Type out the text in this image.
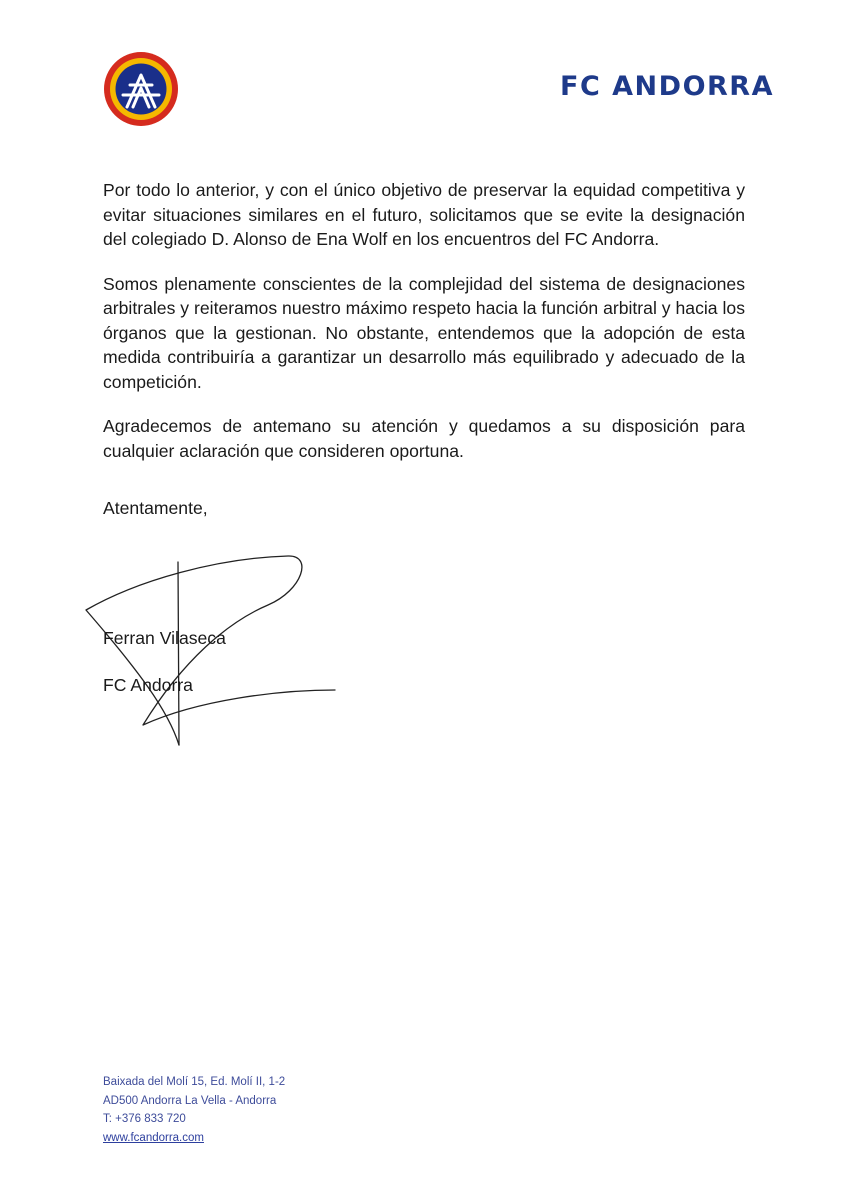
FC ANDORRA

Por todo lo anterior, y con el único objetivo de preservar la equidad competitiva y evitar situaciones similares en el futuro, solicitamos que se evite la designación del colegiado D. Alonso de Ena Wolf en los encuentros del FC Andorra.

Somos plenamente conscientes de la complejidad del sistema de designaciones arbitrales y reiteramos nuestro máximo respeto hacia la función arbitral y hacia los órganos que la gestionan. No obstante, entendemos que la adopción de esta medida contribuiría a garantizar un desarrollo más equilibrado y adecuado de la competición.

Agradecemos de antemano su atención y quedamos a su disposición para cualquier aclaración que consideren oportuna.

Atentamente,
Ferran Vilaseca
FC Andorra
Baixada del Molí 15, Ed. Molí II, 1-2
AD500 Andorra La Vella - Andorra
T: +376 833 720
www.fcandorra.com
